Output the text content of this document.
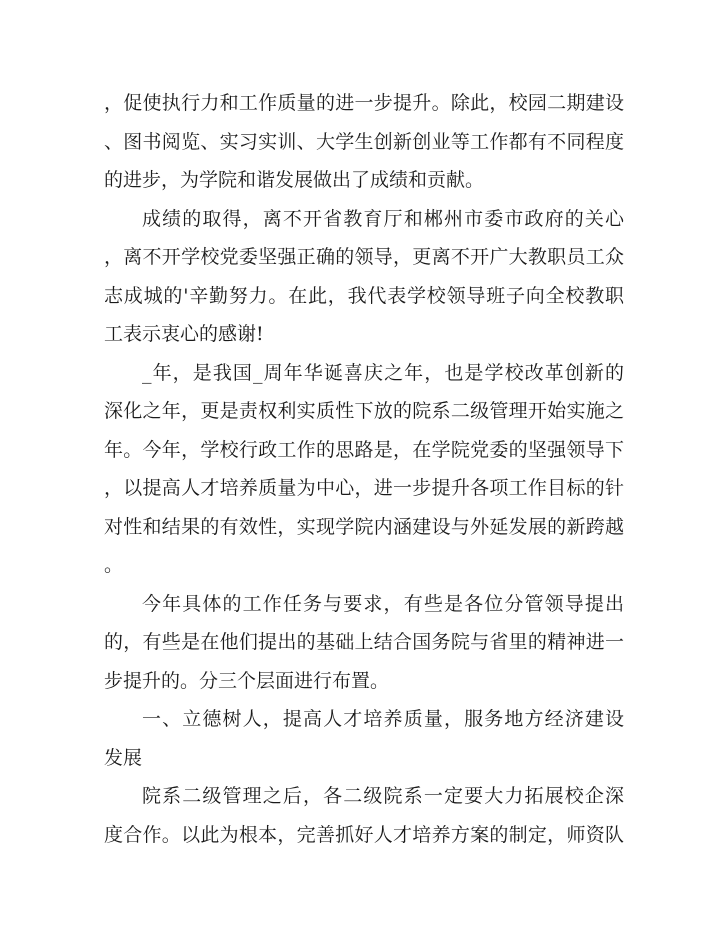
，促使执行力和工作质量的进一步提升。除此，校园二期建设
、图书阅览、实习实训、大学生创新创业等工作都有不同程度
的进步，为学院和谐发展做出了成绩和贡献。
成绩的取得，离不开省教育厅和郴州市委市政府的关心
，离不开学校党委坚强正确的领导，更离不开广大教职员工众
志成城的'辛勤努力。在此，我代表学校领导班子向全校教职
工表示衷心的感谢!
_年，是我国_周年华诞喜庆之年，也是学校改革创新的
深化之年，更是责权利实质性下放的院系二级管理开始实施之
年。今年，学校行政工作的思路是，在学院党委的坚强领导下
，以提高人才培养质量为中心，进一步提升各项工作目标的针
对性和结果的有效性，实现学院内涵建设与外延发展的新跨越
。
今年具体的工作任务与要求，有些是各位分管领导提出
的，有些是在他们提出的基础上结合国务院与省里的精神进一
步提升的。分三个层面进行布置。
一、立德树人，提高人才培养质量，服务地方经济建设
发展
院系二级管理之后，各二级院系一定要大力拓展校企深
度合作。以此为根本，完善抓好人才培养方案的制定，师资队
